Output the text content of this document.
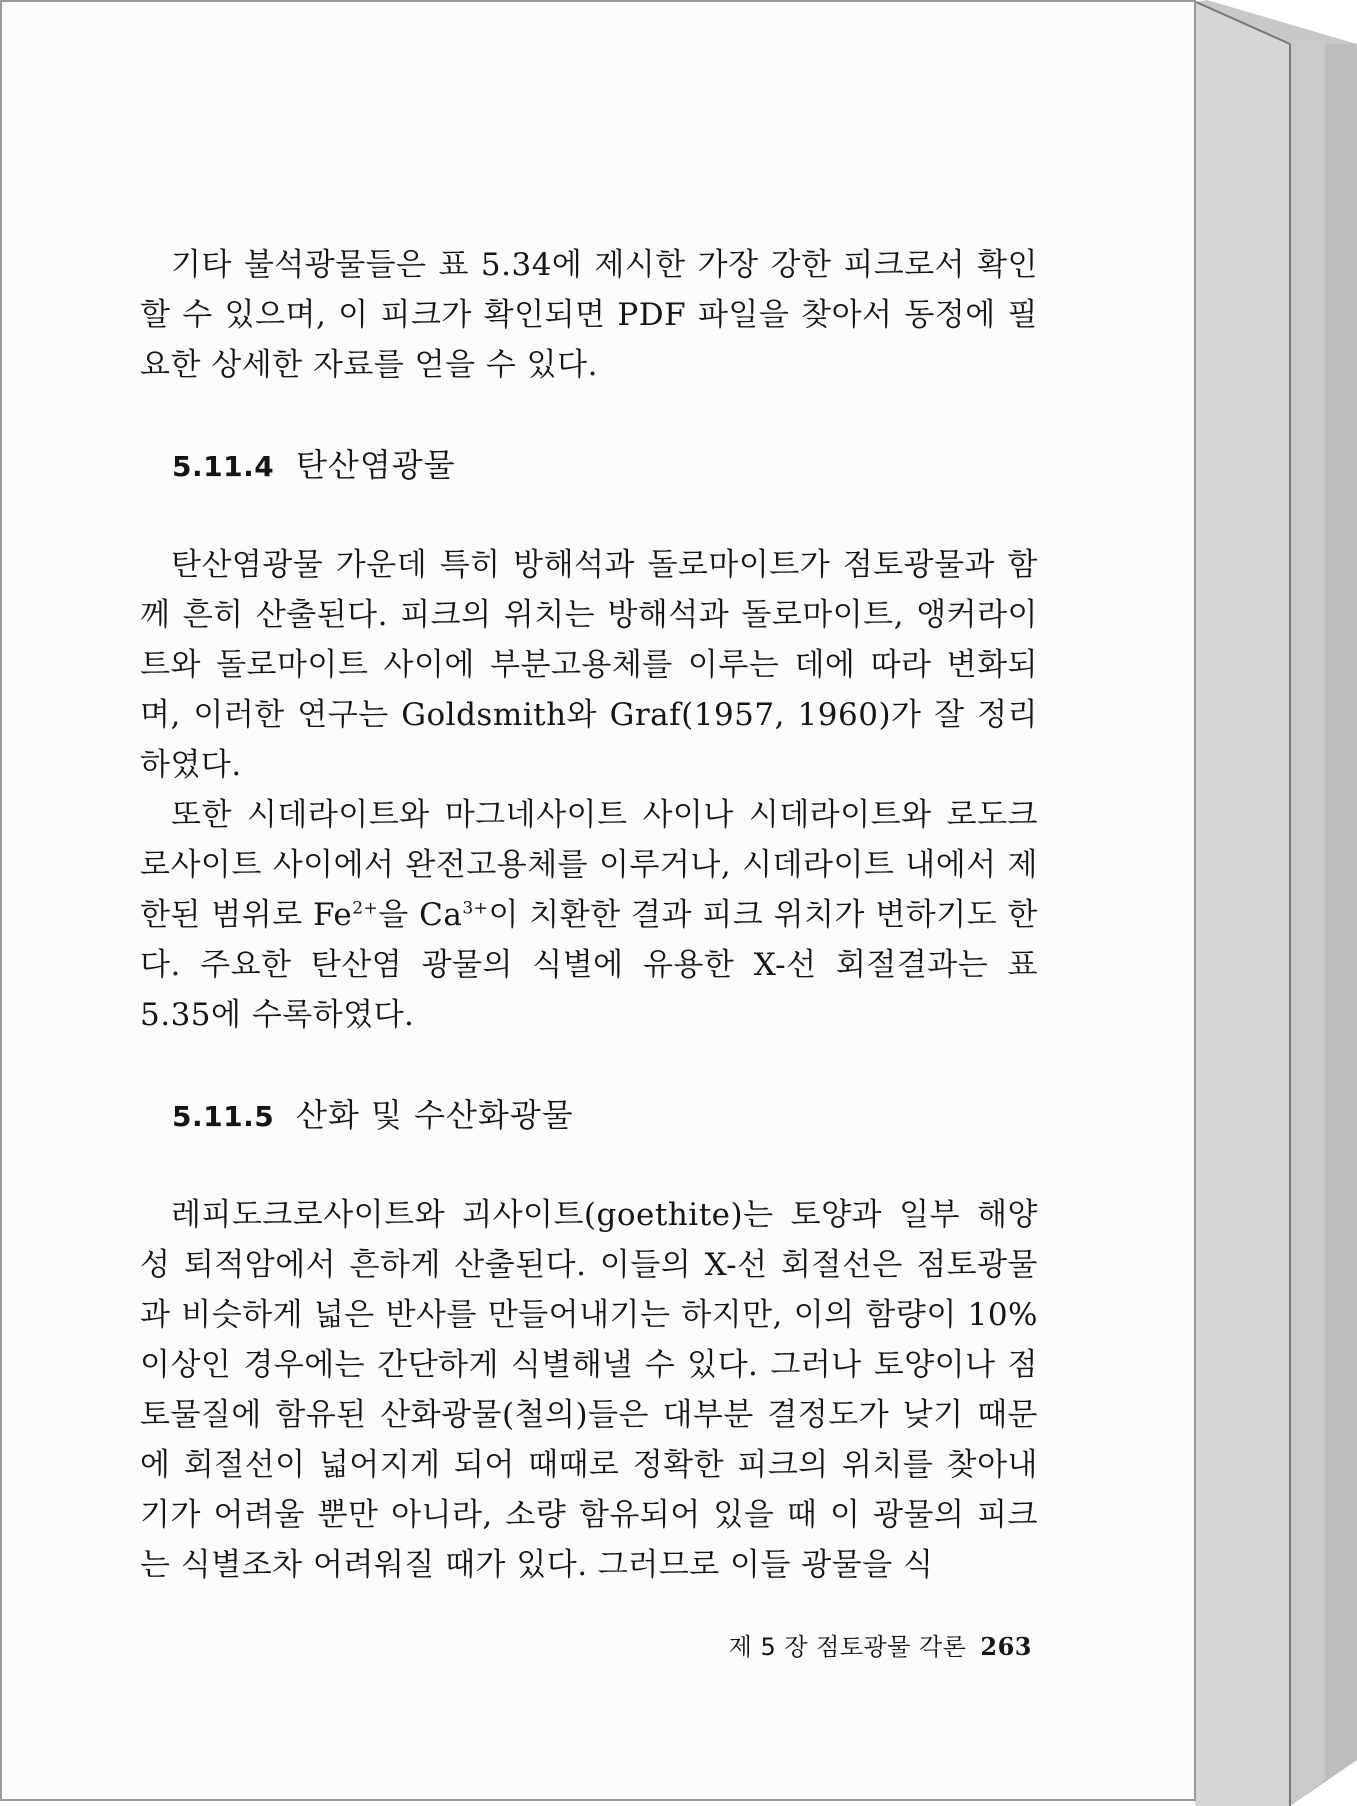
기타 불석광물들은 표 5.34에 제시한 가장 강한 피크로서 확인할 수 있으며, 이 피크가 확인되면 PDF 파일을 찾아서 동정에 필요한 상세한 자료를 얻을 수 있다.

5.11.4 탄산염광물

탄산염광물 가운데 특히 방해석과 돌로마이트가 점토광물과 함께 흔히 산출된다. 피크의 위치는 방해석과 돌로마이트, 앵커라이트와 돌로마이트 사이에 부분고용체를 이루는 데에 따라 변화되며, 이러한 연구는 Goldsmith와 Graf(1957, 1960)가 잘 정리하였다.

또한 시데라이트와 마그네사이트 사이나 시데라이트와 로도크로사이트 사이에서 완전고용체를 이루거나, 시데라이트 내에서 제한된 범위로 $Fe^{2+}$을 $Ca^{3+}$이 치환한 결과 피크 위치가 변하기도 한다. 주요한 탄산염 광물의 식별에 유용한 X-선 회절결과는 표 5.35에 수록하였다.

5.11.5 산화 및 수산화광물

레피도크로사이트와 괴사이트(goethite)는 토양과 일부 해양성 퇴적암에서 흔하게 산출된다. 이들의 X-선 회절선은 점토광물과 비슷하게 넓은 반사를 만들어내기는 하지만, 이의 함량이 10% 이상인 경우에는 간단하게 식별해낼 수 있다. 그러나 토양이나 점토물질에 함유된 산화광물(철의)들은 대부분 결정도가 낮기 때문에 회절선이 넓어지게 되어 때때로 정확한 피크의 위치를 찾아내기가 어려울 뿐만 아니라, 소량 함유되어 있을 때 이 광물의 피크는 식별조차 어려워질 때가 있다. 그러므로 이들 광물을 식

제 5 장 점토광물 각론 263
